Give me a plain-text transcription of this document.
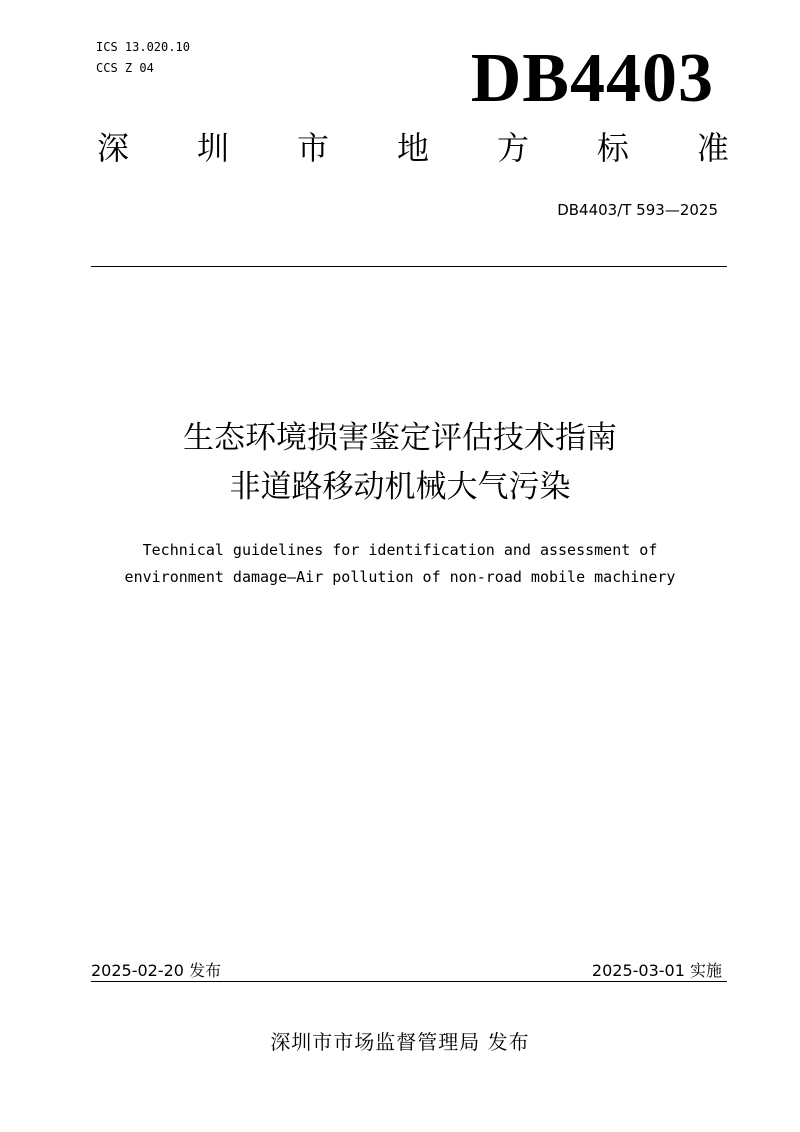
ICS 13.020.10
CCS Z 04	DB4403
深 圳 市 地 方 标 准
DB4403/T 593—2025
生态环境损害鉴定评估技术指南
非道路移动机械大气污染
Technical guidelines for identification and assessment of
environment damage—Air pollution of non-road mobile machinery
2025-02-20 发布	2025-03-01 实施
深圳市市场监督管理局 发布
